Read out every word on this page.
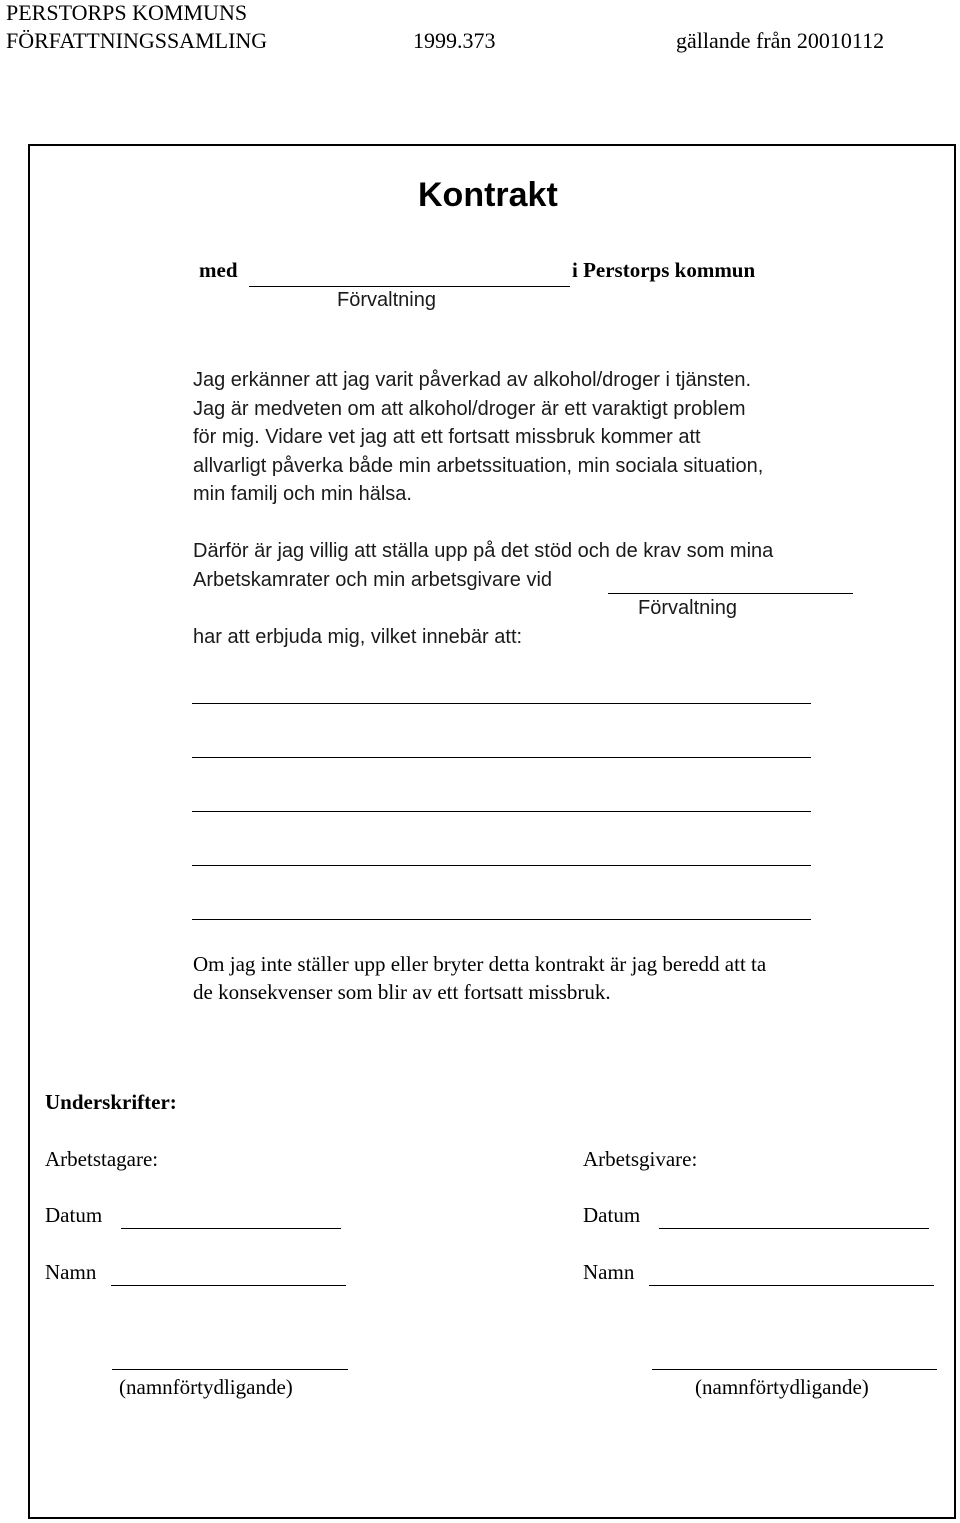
PERSTORPS KOMMUNS
FÖRFATTNINGSSAMLING	1999.373	gällande från 20010112
Kontrakt
med	i Perstorps kommun
Förvaltning
Jag erkänner att jag varit påverkad av alkohol/droger i tjänsten.
Jag är medveten om att alkohol/droger är ett varaktigt problem
för mig. Vidare vet jag att ett fortsatt missbruk kommer att
allvarligt påverka både min arbetssituation, min sociala situation,
min familj och min hälsa.
Därför är jag villig att ställa upp på det stöd och de krav som mina
Arbetskamrater och min arbetsgivare vid
Förvaltning
har att erbjuda mig, vilket innebär att:
Om jag inte ställer upp eller bryter detta kontrakt är jag beredd att ta
de konsekvenser som blir av ett fortsatt missbruk.
Underskrifter:
Arbetstagare:	Arbetsgivare:
Datum	Datum
Namn	Namn
(namnförtydligande)	(namnförtydligande)
